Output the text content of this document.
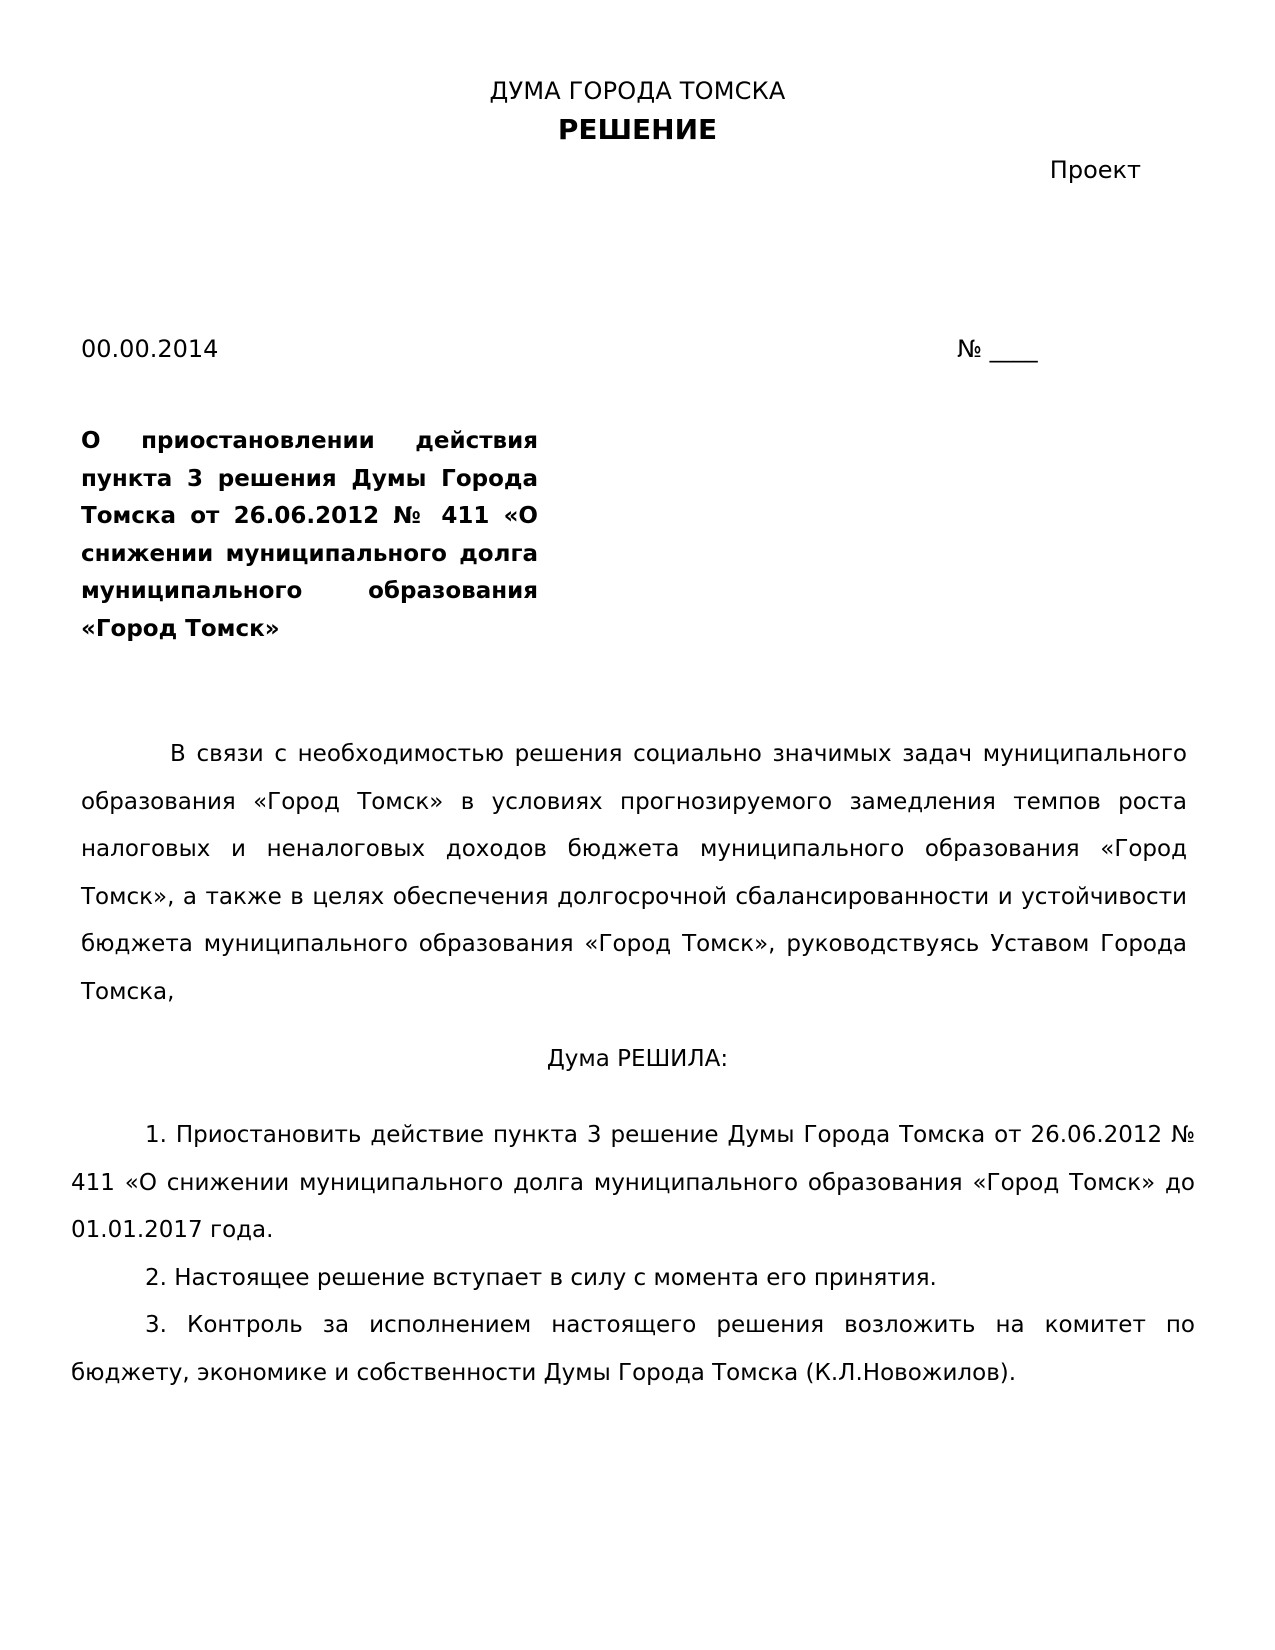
ДУМА ГОРОДА ТОМСКА
РЕШЕНИЕ
Проект
00.00.2014	№ ____
О приостановлении действия пункта 3 решения Думы Города Томска от 26.06.2012 № 411 «О снижении муниципального долга муниципального образования «Город Томск»
В связи с необходимостью решения социально значимых задач муниципального образования «Город Томск» в условиях прогнозируемого замедления темпов роста налоговых и неналоговых доходов бюджета муниципального образования «Город Томск», а также в целях обеспечения долгосрочной сбалансированности и устойчивости бюджета муниципального образования «Город Томск», руководствуясь Уставом Города Томска,
Дума РЕШИЛА:

1. Приостановить действие пункта 3 решение Думы Города Томска от 26.06.2012 № 411 «О снижении муниципального долга муниципального образования «Город Томск» до 01.01.2017 года.

2. Настоящее решение вступает в силу с момента его принятия.

3. Контроль за исполнением настоящего решения возложить на комитет по бюджету, экономике и собственности Думы Города Томска (К.Л.Новожилов).
